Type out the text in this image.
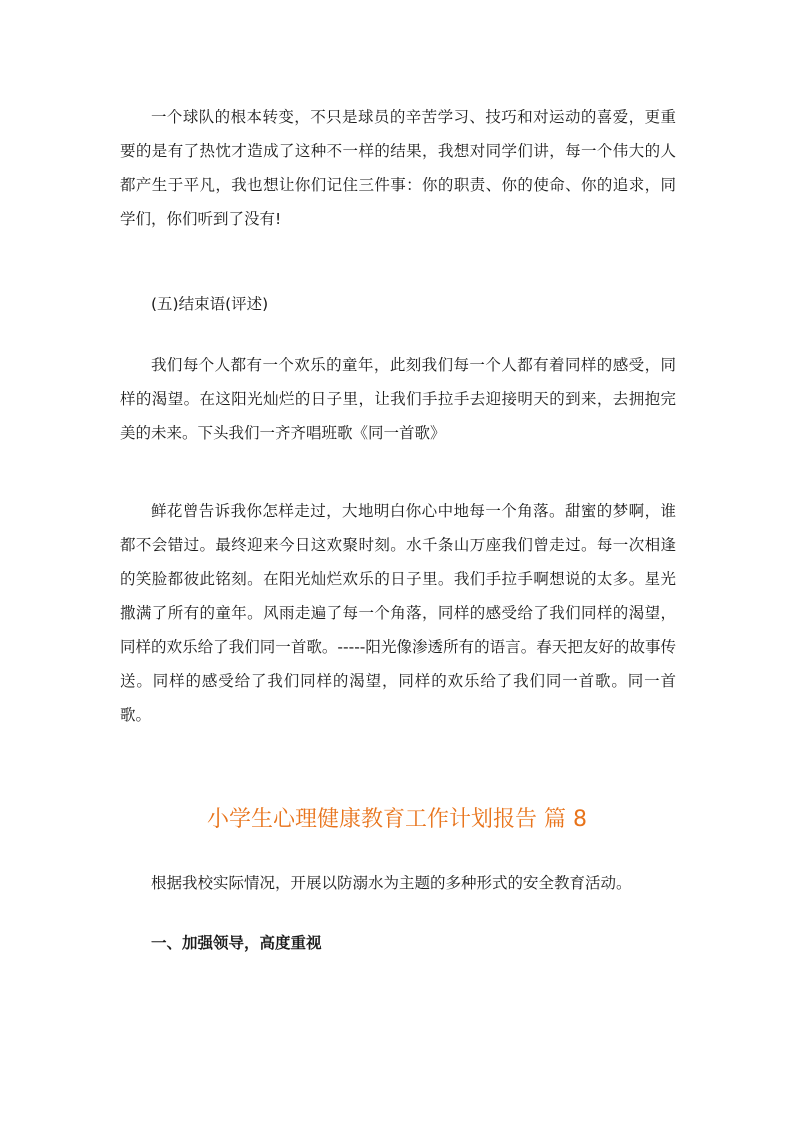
一个球队的根本转变，不只是球员的辛苦学习、技巧和对运动的喜爱，更重要的是有了热忱才造成了这种不一样的结果，我想对同学们讲，每一个伟大的人都产生于平凡，我也想让你们记住三件事：你的职责、你的使命、你的追求，同学们，你们听到了没有!

(五)结束语(评述)

我们每个人都有一个欢乐的童年，此刻我们每一个人都有着同样的感受，同样的渴望。在这阳光灿烂的日子里，让我们手拉手去迎接明天的到来，去拥抱完美的未来。下头我们一齐齐唱班歌《同一首歌》

鲜花曾告诉我你怎样走过，大地明白你心中地每一个角落。甜蜜的梦啊，谁都不会错过。最终迎来今日这欢聚时刻。水千条山万座我们曾走过。每一次相逢的笑脸都彼此铭刻。在阳光灿烂欢乐的日子里。我们手拉手啊想说的太多。星光撒满了所有的童年。风雨走遍了每一个角落，同样的感受给了我们同样的渴望，同样的欢乐给了我们同一首歌。-----阳光像渗透所有的语言。春天把友好的故事传送。同样的感受给了我们同样的渴望，同样的欢乐给了我们同一首歌。同一首歌。

小学生心理健康教育工作计划报告 篇 8

根据我校实际情况，开展以防溺水为主题的多种形式的安全教育活动。

一、加强领导，高度重视
